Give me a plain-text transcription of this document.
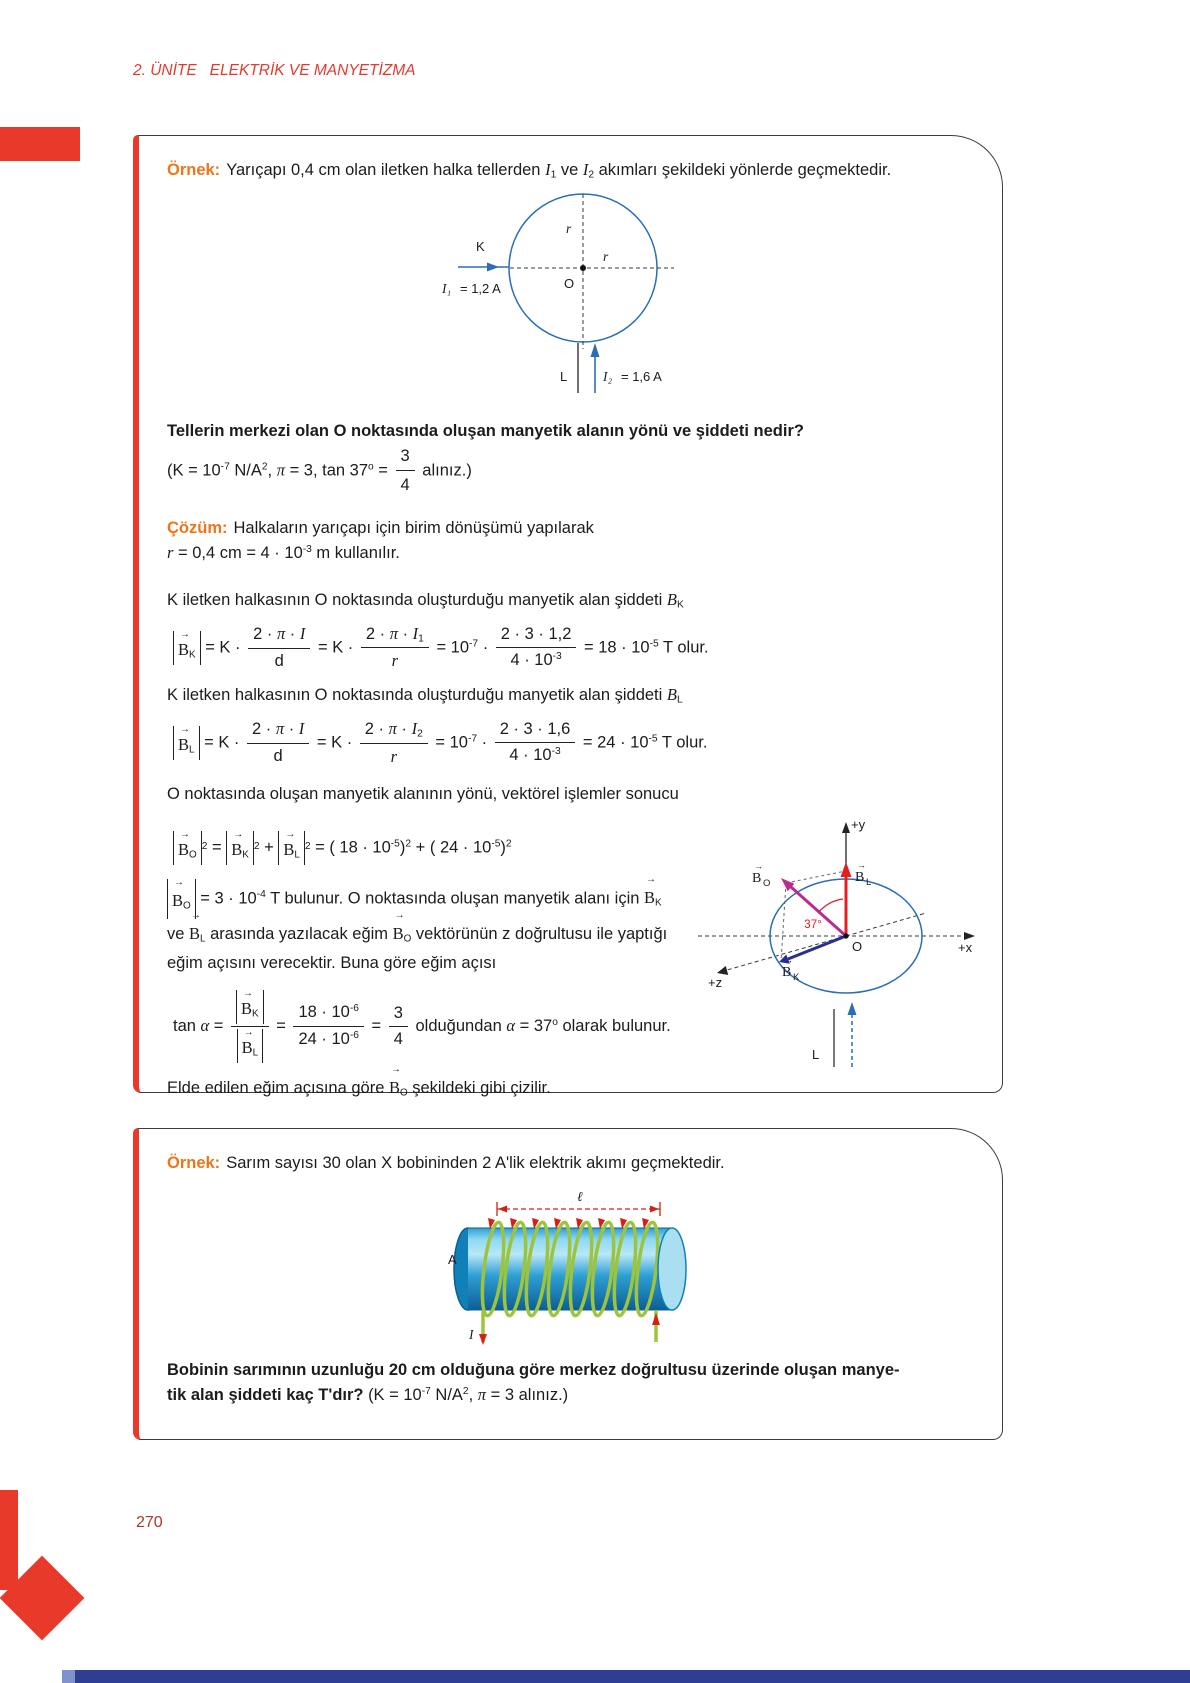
2. ÜNİTE   ELEKTRİK VE MANYETİZMA

Örnek: Yarıçapı 0,4 cm olan iletken halka tellerden $I_1$ ve $I_2$ akımları şekildeki yönlerde geçmektedir.

K
I₁ = 1,2 A
r
r
O
L	I₂ = 1,6 A

Tellerin merkezi olan O noktasında oluşan manyetik alanın yönü ve şiddeti nedir?

($K = 10^{-7}$ $N/A^2$, π = 3, $\tan 37^o = \frac{3}{4}$ alınız.)

Çözüm: Halkaların yarıçapı için birim dönüşümü yapılarak
r = 0,4 cm = $4 \cdot 10^{-3}$ m kullanılır.

K iletken halkasının O noktasında oluşturduğu manyetik alan şiddeti $B_K$

→
$B_K = K \cdot \frac{2 \cdot \pi \cdot I}{d} = K \cdot \frac{2 \cdot \pi \cdot I_1}{r} = 10^{-7} \cdot \frac{2 \cdot 3 \cdot 1,2}{4 \cdot 10^{-3}} = 18 \cdot 10^{-5}$ T olur.

K iletken halkasının O noktasında oluşturduğu manyetik alan şiddeti $B_L$

→
$B_L = K \cdot \frac{2 \cdot \pi \cdot I}{d} = K \cdot \frac{2 \cdot \pi \cdot I_2}{r} = 10^{-7} \cdot \frac{2 \cdot 3 \cdot 1,6}{4 \cdot 10^{-3}} = 24 \cdot 10^{-5}$ T olur.

O noktasında oluşan manyetik alanının yönü, vektörel işlemler sonucu

→
$B_O$
$^2$ =
→
$B_K$
$^2$ +
→
$B_L$
$^2$ = ( $18 \cdot 10^{-5})^2$ + ( $24 \cdot 10^{-5})^2$

→
$B_O = 3 \cdot 10^{-4}$ T bulunur. O noktasında oluşan manyetik alanı için
→
$B_K$ ve
→
$B_L$ arasında yazılacak eğim
→
$B_O$ vektörünün z doğrultusu ile yaptığı eğim açısını verecektir. Buna göre eğim açısı

tan α = →
$B_K$
→
$B_L = \frac{18 \cdot 10^{-6}}{24 \cdot 10^{-6}} = \frac{3}{4}$ olduğundan $\alpha = 37^o$ olarak bulunur.

Elde edilen eğim açısına göre
→
$B_O$ şekildeki gibi çizilir.

+x
+z
+y
37°
O
→
B O
→
B L
→
B K
L

Örnek: Sarım sayısı 30 olan X bobininden 2 A'lik elektrik akımı geçmektedir.

ℓ
I
A

Bobinin sarımının uzunluğu 20 cm olduğuna göre merkez doğrultusu üzerinde oluşan manye-
tik alan şiddeti kaç T'dır? ($K = 10^{-7}$ $N/A^2$, π = 3 alınız.)

270
